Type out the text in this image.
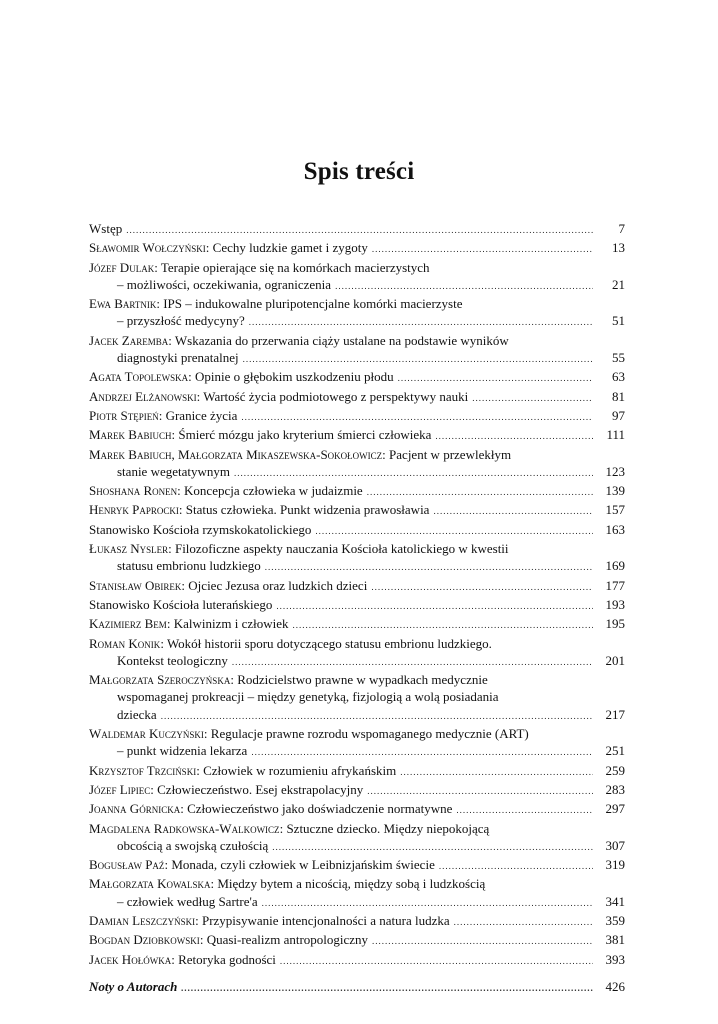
Spis treści
Wstęp .....	7
Sławomir Wołczyński: Cechy ludzkie gamet i zygoty .....	13
Józef Dulak: Terapie opierające się na komórkach macierzystych
– możliwości, oczekiwania, ograniczenia .....	21
Ewa Bartnik: IPS – indukowalne pluripotencjalne komórki macierzyste
– przyszłość medycyny? .....	51
Jacek Zaremba: Wskazania do przerwania ciąży ustalane na podstawie wyników
diagnostyki prenatalnej .....	55
Agata Topolewska: Opinie o głębokim uszkodzeniu płodu .....	63
Andrzej Elżanowski: Wartość życia podmiotowego z perspektywy nauki .....	81
Piotr Stępień: Granice życia .....	97
Marek Babiuch: Śmierć mózgu jako kryterium śmierci człowieka .....	111
Marek Babiuch, Małgorzata Mikaszewska-Sokołowicz: Pacjent w przewlekłym
stanie wegetatywnym .....	123
Shoshana Ronen: Koncepcja człowieka w judaizmie .....	139
Henryk Paprocki: Status człowieka. Punkt widzenia prawosławia .....	157
Stanowisko Kościoła rzymskokatolickiego .....	163
Łukasz Nysler: Filozoficzne aspekty nauczania Kościoła katolickiego w kwestii
statusu embrionu ludzkiego .....	169
Stanisław Obirek: Ojciec Jezusa oraz ludzkich dzieci .....	177
Stanowisko Kościoła luterańskiego .....	193
Kazimierz Bem: Kalwinizm i człowiek .....	195
Roman Konik: Wokół historii sporu dotyczącego statusu embrionu ludzkiego.
Kontekst teologiczny .....	201
Małgorzata Szeroczyńska: Rodzicielstwo prawne w wypadkach medycznie
wspomaganej prokreacji – między genetyką, fizjologią a wolą posiadania
dziecka .....	217
Waldemar Kuczyński: Regulacje prawne rozrodu wspomaganego medycznie (ART)
– punkt widzenia lekarza .....	251
Krzysztof Trzciński: Człowiek w rozumieniu afrykańskim .....	259
Józef Lipiec: Człowieczeństwo. Esej ekstrapolacyjny .....	283
Joanna Górnicka: Człowieczeństwo jako doświadczenie normatywne .....	297
Magdalena Radkowska-Walkowicz: Sztuczne dziecko. Między niepokojącą
obcością a swojską czułością .....	307
Bogusław Paź: Monada, czyli człowiek w Leibnizjańskim świecie .....	319
Małgorzata Kowalska: Między bytem a nicością, między sobą i ludzkością
– człowiek według Sartre'a .....	341
Damian Leszczyński: Przypisywanie intencjonalności a natura ludzka .....	359
Bogdan Dziobkowski: Quasi-realizm antropologiczny .....	381
Jacek Hołówka: Retoryka godności .....	393
Noty o Autorach .....	426
